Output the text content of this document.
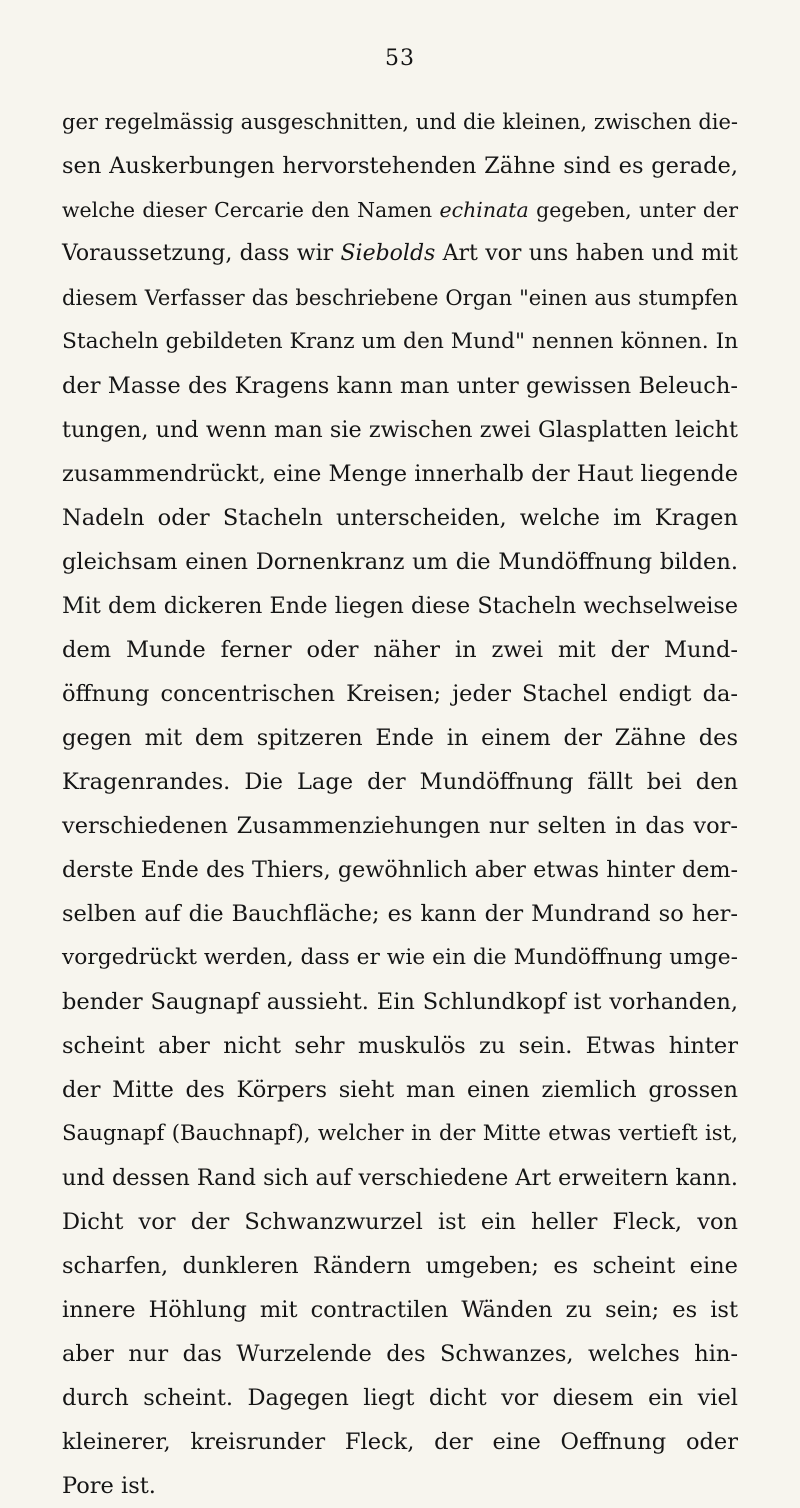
53
ger regelmässig ausgeschnitten, und die kleinen, zwischen die-
sen Auskerbungen hervorstehenden Zähne sind es gerade,
welche dieser Cercarie den Namen echinata gegeben, unter der
Voraussetzung, dass wir Siebolds Art vor uns haben und mit
diesem Verfasser das beschriebene Organ "einen aus stumpfen
Stacheln gebildeten Kranz um den Mund" nennen können. In
der Masse des Kragens kann man unter gewissen Beleuch-
tungen, und wenn man sie zwischen zwei Glasplatten leicht
zusammendrückt, eine Menge innerhalb der Haut liegende
Nadeln oder Stacheln unterscheiden, welche im Kragen
gleichsam einen Dornenkranz um die Mundöffnung bilden.
Mit dem dickeren Ende liegen diese Stacheln wechselweise
dem Munde ferner oder näher in zwei mit der Mund-
öffnung concentrischen Kreisen; jeder Stachel endigt da-
gegen mit dem spitzeren Ende in einem der Zähne des
Kragenrandes. Die Lage der Mundöffnung fällt bei den
verschiedenen Zusammenziehungen nur selten in das vor-
derste Ende des Thiers, gewöhnlich aber etwas hinter dem-
selben auf die Bauchfläche; es kann der Mundrand so her-
vorgedrückt werden, dass er wie ein die Mundöffnung umge-
bender Saugnapf aussieht. Ein Schlundkopf ist vorhanden,
scheint aber nicht sehr muskulös zu sein. Etwas hinter
der Mitte des Körpers sieht man einen ziemlich grossen
Saugnapf (Bauchnapf), welcher in der Mitte etwas vertieft ist,
und dessen Rand sich auf verschiedene Art erweitern kann.
Dicht vor der Schwanzwurzel ist ein heller Fleck, von
scharfen, dunkleren Rändern umgeben; es scheint eine
innere Höhlung mit contractilen Wänden zu sein; es ist
aber nur das Wurzelende des Schwanzes, welches hin-
durch scheint. Dagegen liegt dicht vor diesem ein viel
kleinerer, kreisrunder Fleck, der eine Oeffnung oder
Pore ist.
